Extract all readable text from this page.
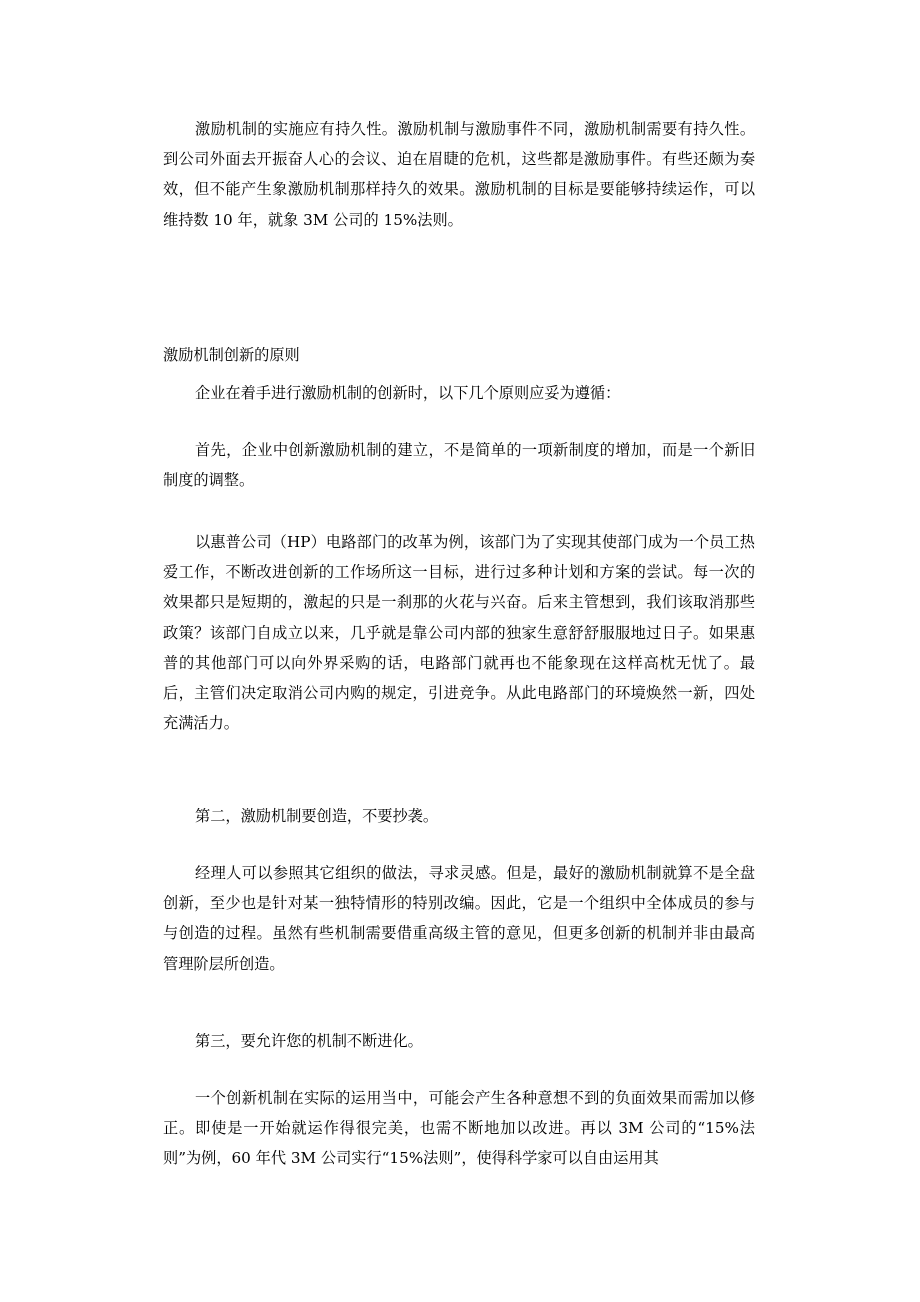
激励机制的实施应有持久性。激励机制与激励事件不同，激励机制需要有持久性。到公司外面去开振奋人心的会议、迫在眉睫的危机，这些都是激励事件。有些还颇为奏效，但不能产生象激励机制那样持久的效果。激励机制的目标是要能够持续运作，可以维持数 10 年，就象 3M 公司的 15%法则。

激励机制创新的原则

企业在着手进行激励机制的创新时，以下几个原则应妥为遵循：

首先，企业中创新激励机制的建立，不是简单的一项新制度的增加，而是一个新旧制度的调整。

以惠普公司（HP）电路部门的改革为例，该部门为了实现其使部门成为一个员工热爱工作，不断改进创新的工作场所这一目标，进行过多种计划和方案的尝试。每一次的效果都只是短期的，激起的只是一刹那的火花与兴奋。后来主管想到，我们该取消那些政策？该部门自成立以来，几乎就是靠公司内部的独家生意舒舒服服地过日子。如果惠普的其他部门可以向外界采购的话，电路部门就再也不能象现在这样高枕无忧了。最后，主管们决定取消公司内购的规定，引进竞争。从此电路部门的环境焕然一新，四处充满活力。

第二，激励机制要创造，不要抄袭。

经理人可以参照其它组织的做法，寻求灵感。但是，最好的激励机制就算不是全盘创新，至少也是针对某一独特情形的特别改编。因此，它是一个组织中全体成员的参与与创造的过程。虽然有些机制需要借重高级主管的意见，但更多创新的机制并非由最高管理阶层所创造。

第三，要允许您的机制不断进化。

一个创新机制在实际的运用当中，可能会产生各种意想不到的负面效果而需加以修正。即使是一开始就运作得很完美，也需不断地加以改进。再以 3M 公司的“15%法则”为例，60 年代 3M 公司实行“15%法则”，使得科学家可以自由运用其
